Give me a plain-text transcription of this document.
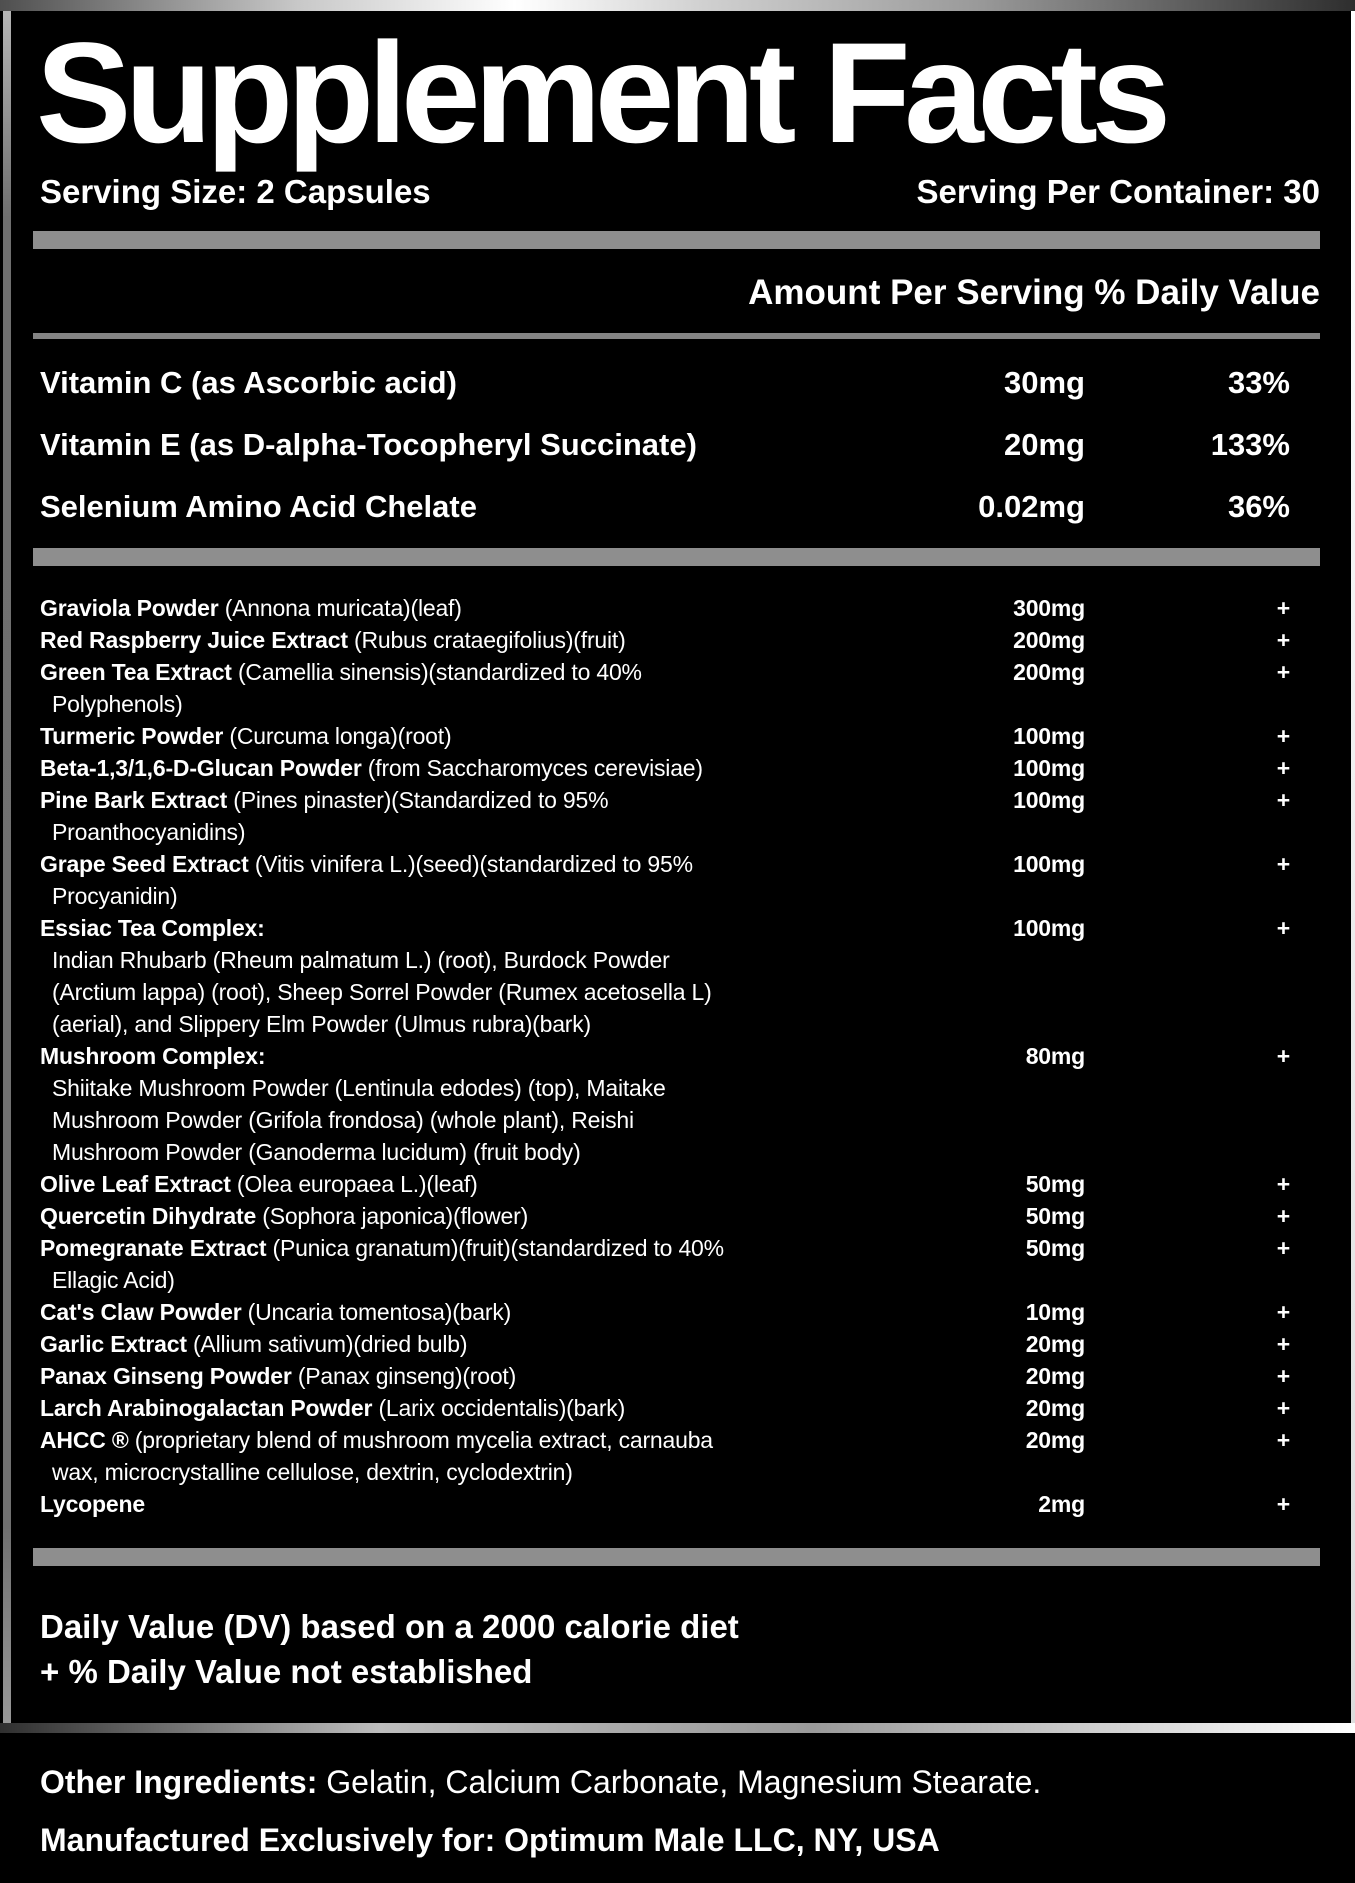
Supplement Facts
Serving Size: 2 Capsules	Serving Per Container: 30
Amount Per Serving % Daily Value
Vitamin C (as Ascorbic acid)	30mg	33%
Vitamin E (as D-alpha-Tocopheryl Succinate)	20mg	133%
Selenium Amino Acid Chelate	0.02mg	36%
Graviola Powder (Annona muricata)(leaf)	300mg	+
Red Raspberry Juice Extract (Rubus crataegifolius)(fruit)	200mg	+
Green Tea Extract (Camellia sinensis)(standardized to 40%	200mg	+
Polyphenols)
Turmeric Powder (Curcuma longa)(root)	100mg	+
Beta-1,3/1,6-D-Glucan Powder (from Saccharomyces cerevisiae)	100mg	+
Pine Bark Extract (Pines pinaster)(Standardized to 95%	100mg	+
Proanthocyanidins)
Grape Seed Extract (Vitis vinifera L.)(seed)(standardized to 95%	100mg	+
Procyanidin)
Essiac Tea Complex:	100mg	+
Indian Rhubarb (Rheum palmatum L.) (root), Burdock Powder
(Arctium lappa) (root), Sheep Sorrel Powder (Rumex acetosella L)
(aerial), and Slippery Elm Powder (Ulmus rubra)(bark)
Mushroom Complex:	80mg	+
Shiitake Mushroom Powder (Lentinula edodes) (top), Maitake
Mushroom Powder (Grifola frondosa) (whole plant), Reishi
Mushroom Powder (Ganoderma lucidum) (fruit body)
Olive Leaf Extract (Olea europaea L.)(leaf)	50mg	+
Quercetin Dihydrate (Sophora japonica)(flower)	50mg	+
Pomegranate Extract (Punica granatum)(fruit)(standardized to 40%	50mg	+
Ellagic Acid)
Cat's Claw Powder (Uncaria tomentosa)(bark)	10mg	+
Garlic Extract (Allium sativum)(dried bulb)	20mg	+
Panax Ginseng Powder (Panax ginseng)(root)	20mg	+
Larch Arabinogalactan Powder (Larix occidentalis)(bark)	20mg	+
AHCC ® (proprietary blend of mushroom mycelia extract, carnauba	20mg	+
wax, microcrystalline cellulose, dextrin, cyclodextrin)
Lycopene	2mg	+
Daily Value (DV) based on a 2000 calorie diet
+ % Daily Value not established
Other Ingredients: Gelatin, Calcium Carbonate, Magnesium Stearate.
Manufactured Exclusively for: Optimum Male LLC, NY, USA
